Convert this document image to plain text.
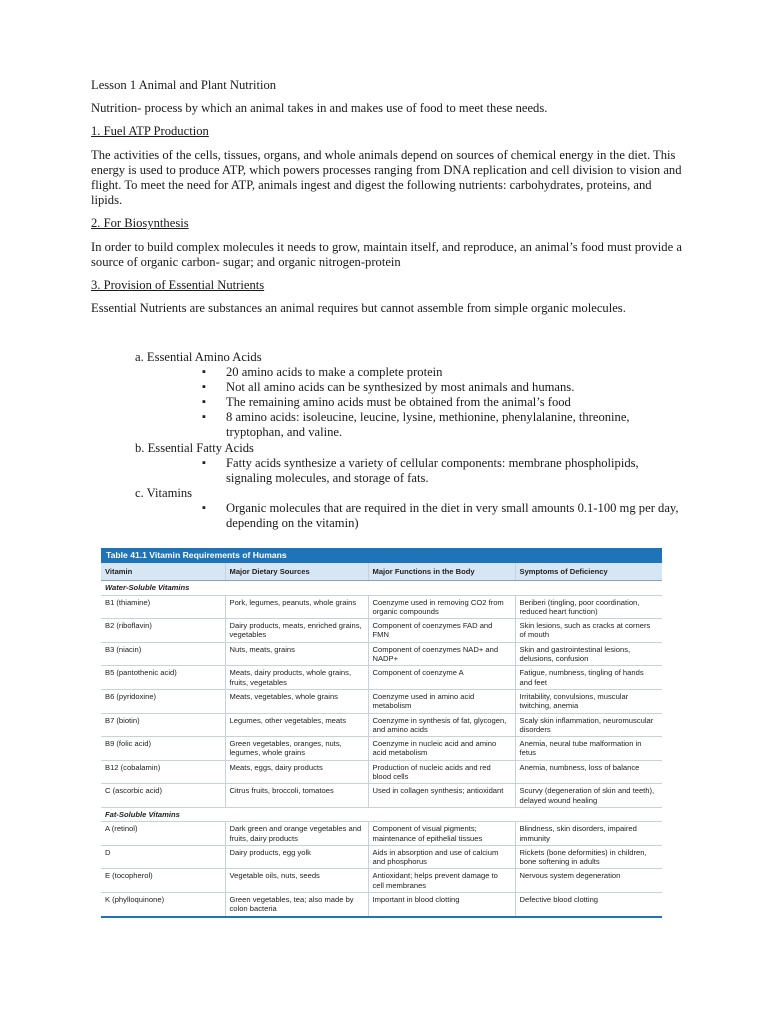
Lesson 1 Animal and Plant Nutrition

Nutrition- process by which an animal takes in and makes use of food to meet these needs.

1. Fuel ATP Production

The activities of the cells, tissues, organs, and whole animals depend on sources of chemical energy in the diet. This energy is used to produce ATP, which powers processes ranging from DNA replication and cell division to vision and flight. To meet the need for ATP, animals ingest and digest the following nutrients: carbohydrates, proteins, and lipids.

2. For Biosynthesis

In order to build complex molecules it needs to grow, maintain itself, and reproduce, an animal’s food must provide a source of organic carbon- sugar; and organic nitrogen-protein

3. Provision of Essential Nutrients

Essential Nutrients are substances an animal requires but cannot assemble from simple organic molecules.

a. Essential Amino Acids
▪ 20 amino acids to make a complete protein
▪ Not all amino acids can be synthesized by most animals and humans.
▪ The remaining amino acids must be obtained from the animal’s food
▪ 8 amino acids: isoleucine, leucine, lysine, methionine, phenylalanine, threonine, tryptophan, and valine.
b. Essential Fatty Acids
▪ Fatty acids synthesize a variety of cellular components: membrane phospholipids, signaling molecules, and storage of fats.
c. Vitamins
▪ Organic molecules that are required in the diet in very small amounts 0.1-100 mg per day, depending on the vitamin)
Table 41.1 Vitamin Requirements of Humans
Vitamin	Major Dietary Sources	Major Functions in the Body	Symptoms of Deficiency
Water-Soluble Vitamins			
B1 (thiamine)	Pork, legumes, peanuts, whole grains	Coenzyme used in removing CO2 from organic compounds	Beriberi (tingling, poor coordination, reduced heart function)
B2 (riboflavin)	Dairy products, meats, enriched grains, vegetables	Component of coenzymes FAD and FMN	Skin lesions, such as cracks at corners of mouth
B3 (niacin)	Nuts, meats, grains	Component of coenzymes NAD+ and NADP+	Skin and gastrointestinal lesions, delusions, confusion
B5 (pantothenic acid)	Meats, dairy products, whole grains, fruits, vegetables	Component of coenzyme A	Fatigue, numbness, tingling of hands and feet
B6 (pyridoxine)	Meats, vegetables, whole grains	Coenzyme used in amino acid metabolism	Irritability, convulsions, muscular twitching, anemia
B7 (biotin)	Legumes, other vegetables, meats	Coenzyme in synthesis of fat, glycogen, and amino acids	Scaly skin inflammation, neuromuscular disorders
B9 (folic acid)	Green vegetables, oranges, nuts, legumes, whole grains	Coenzyme in nucleic acid and amino acid metabolism	Anemia, neural tube malformation in fetus
B12 (cobalamin)	Meats, eggs, dairy products	Production of nucleic acids and red blood cells	Anemia, numbness, loss of balance
C (ascorbic acid)	Citrus fruits, broccoli, tomatoes	Used in collagen synthesis; antioxidant	Scurvy (degeneration of skin and teeth), delayed wound healing
Fat-Soluble Vitamins			
A (retinol)	Dark green and orange vegetables and fruits, dairy products	Component of visual pigments; maintenance of epithelial tissues	Blindness, skin disorders, impaired immunity
D	Dairy products, egg yolk	Aids in absorption and use of calcium and phosphorus	Rickets (bone deformities) in children, bone softening in adults
E (tocopherol)	Vegetable oils, nuts, seeds	Antioxidant; helps prevent damage to cell membranes	Nervous system degeneration
K (phylloquinone)	Green vegetables, tea; also made by colon bacteria	Important in blood clotting	Defective blood clotting
